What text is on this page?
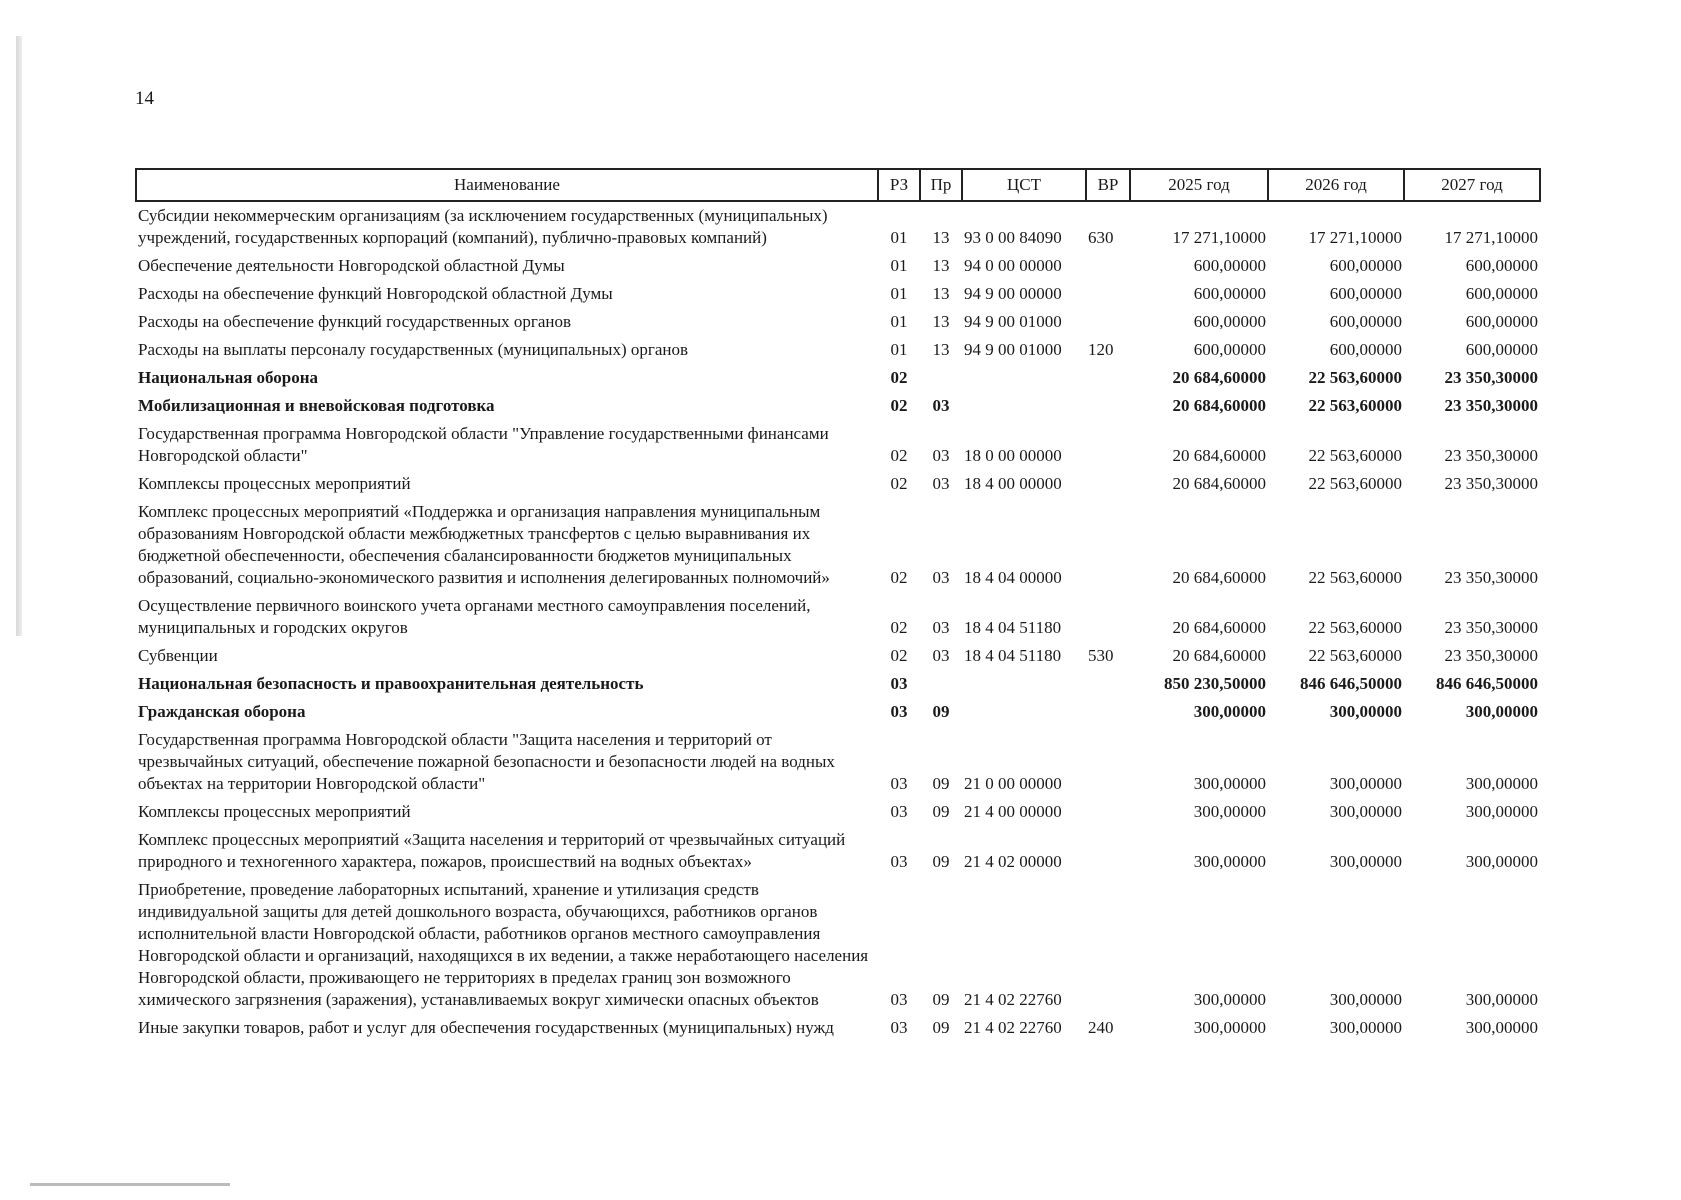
14
Наименование	РЗ	Пр	ЦСТ	ВР	2025 год	2026 год	2027 год
Субсидии некоммерческим организациям (за исключением государственных (муниципальных) учреждений, государственных корпораций (компаний), публично-правовых компаний)	01	13	93 0 00 84090	630	17 271,10000	17 271,10000	17 271,10000
Обеспечение деятельности Новгородской областной Думы	01	13	94 0 00 00000		600,00000	600,00000	600,00000
Расходы на обеспечение функций Новгородской областной Думы	01	13	94 9 00 00000		600,00000	600,00000	600,00000
Расходы на обеспечение функций государственных органов	01	13	94 9 00 01000		600,00000	600,00000	600,00000
Расходы на выплаты персоналу государственных (муниципальных) органов	01	13	94 9 00 01000	120	600,00000	600,00000	600,00000
Национальная оборона	02				20 684,60000	22 563,60000	23 350,30000
Мобилизационная и вневойсковая подготовка	02	03			20 684,60000	22 563,60000	23 350,30000
Государственная программа Новгородской области "Управление государственными финансами Новгородской области"	02	03	18 0 00 00000		20 684,60000	22 563,60000	23 350,30000
Комплексы процессных мероприятий	02	03	18 4 00 00000		20 684,60000	22 563,60000	23 350,30000
Комплекс процессных мероприятий «Поддержка и организация направления муниципальным образованиям Новгородской области межбюджетных трансфертов с целью выравнивания их бюджетной обеспеченности, обеспечения сбалансированности бюджетов муниципальных образований, социально-экономического развития и исполнения делегированных полномочий»	02	03	18 4 04 00000		20 684,60000	22 563,60000	23 350,30000
Осуществление первичного воинского учета органами местного самоуправления поселений, муниципальных и городских округов	02	03	18 4 04 51180		20 684,60000	22 563,60000	23 350,30000
Субвенции	02	03	18 4 04 51180	530	20 684,60000	22 563,60000	23 350,30000
Национальная безопасность и правоохранительная деятельность	03				850 230,50000	846 646,50000	846 646,50000
Гражданская оборона	03	09			300,00000	300,00000	300,00000
Государственная программа Новгородской области "Защита населения и территорий от чрезвычайных ситуаций, обеспечение пожарной безопасности и безопасности людей на водных объектах на территории Новгородской области"	03	09	21 0 00 00000		300,00000	300,00000	300,00000
Комплексы процессных мероприятий	03	09	21 4 00 00000		300,00000	300,00000	300,00000
Комплекс процессных мероприятий «Защита населения и территорий от чрезвычайных ситуаций природного и техногенного характера, пожаров, происшествий на водных объектах»	03	09	21 4 02 00000		300,00000	300,00000	300,00000
Приобретение, проведение лабораторных испытаний, хранение и утилизация средств индивидуальной защиты для детей дошкольного возраста, обучающихся, работников органов исполнительной власти Новгородской области, работников органов местного самоуправления Новгородской области и организаций, находящихся в их ведении, а также неработающего населения Новгородской области, проживающего не территориях в пределах границ зон возможного химического загрязнения (заражения), устанавливаемых вокруг химически опасных объектов	03	09	21 4 02 22760		300,00000	300,00000	300,00000
Иные закупки товаров, работ и услуг для обеспечения государственных (муниципальных) нужд	03	09	21 4 02 22760	240	300,00000	300,00000	300,00000
